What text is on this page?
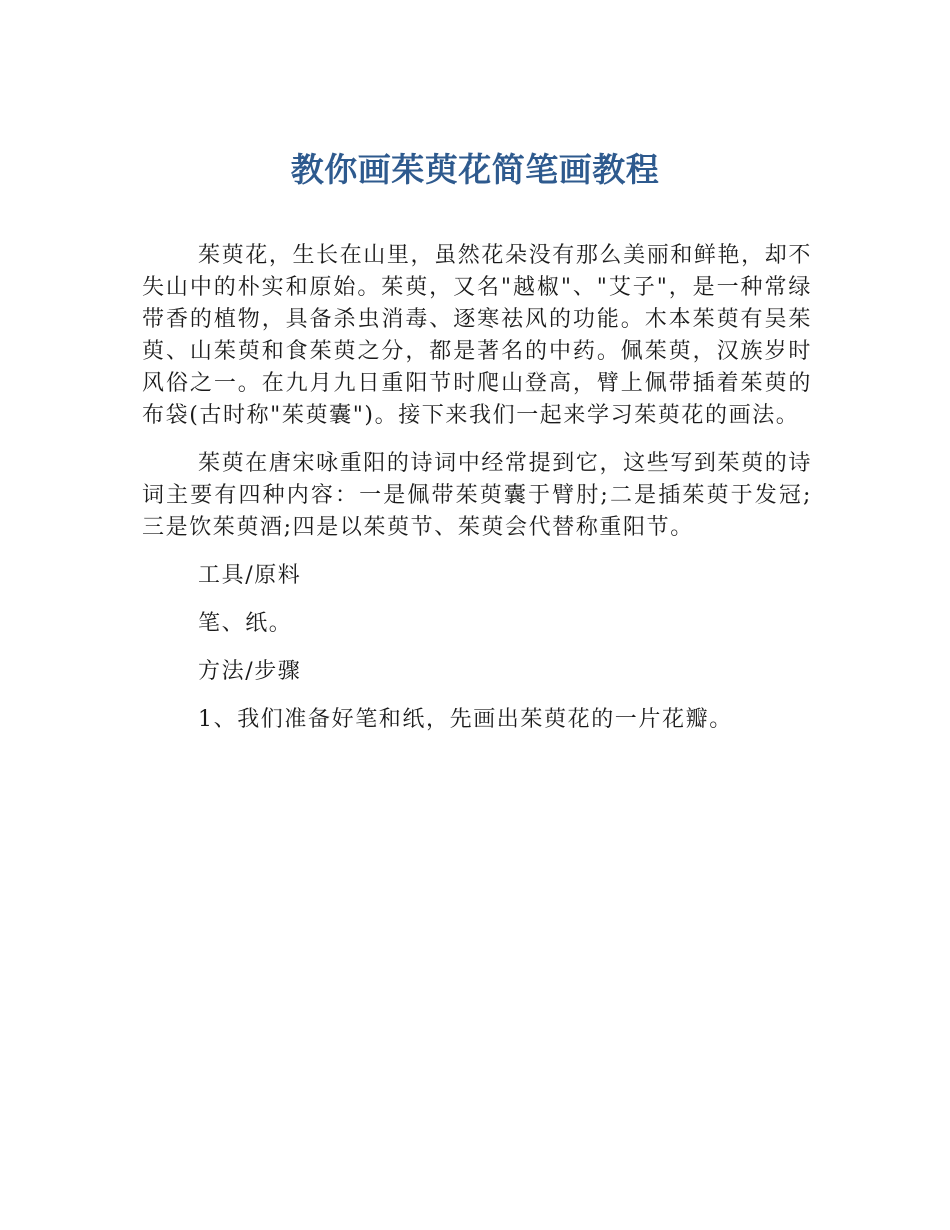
教你画茱萸花简笔画教程

茱萸花，生长在山里，虽然花朵没有那么美丽和鲜艳，却不失山中的朴实和原始。茱萸，又名"越椒"、"艾子"，是一种常绿带香的植物，具备杀虫消毒、逐寒祛风的功能。木本茱萸有吴茱萸、山茱萸和食茱萸之分，都是著名的中药。佩茱萸，汉族岁时风俗之一。在九月九日重阳节时爬山登高，臂上佩带插着茱萸的布袋(古时称"茱萸囊")。接下来我们一起来学习茱萸花的画法。

茱萸在唐宋咏重阳的诗词中经常提到它，这些写到茱萸的诗词主要有四种内容：一是佩带茱萸囊于臂肘;二是插茱萸于发冠;三是饮茱萸酒;四是以茱萸节、茱萸会代替称重阳节。

工具/原料

笔、纸。

方法/步骤

1、我们准备好笔和纸，先画出茱萸花的一片花瓣。
